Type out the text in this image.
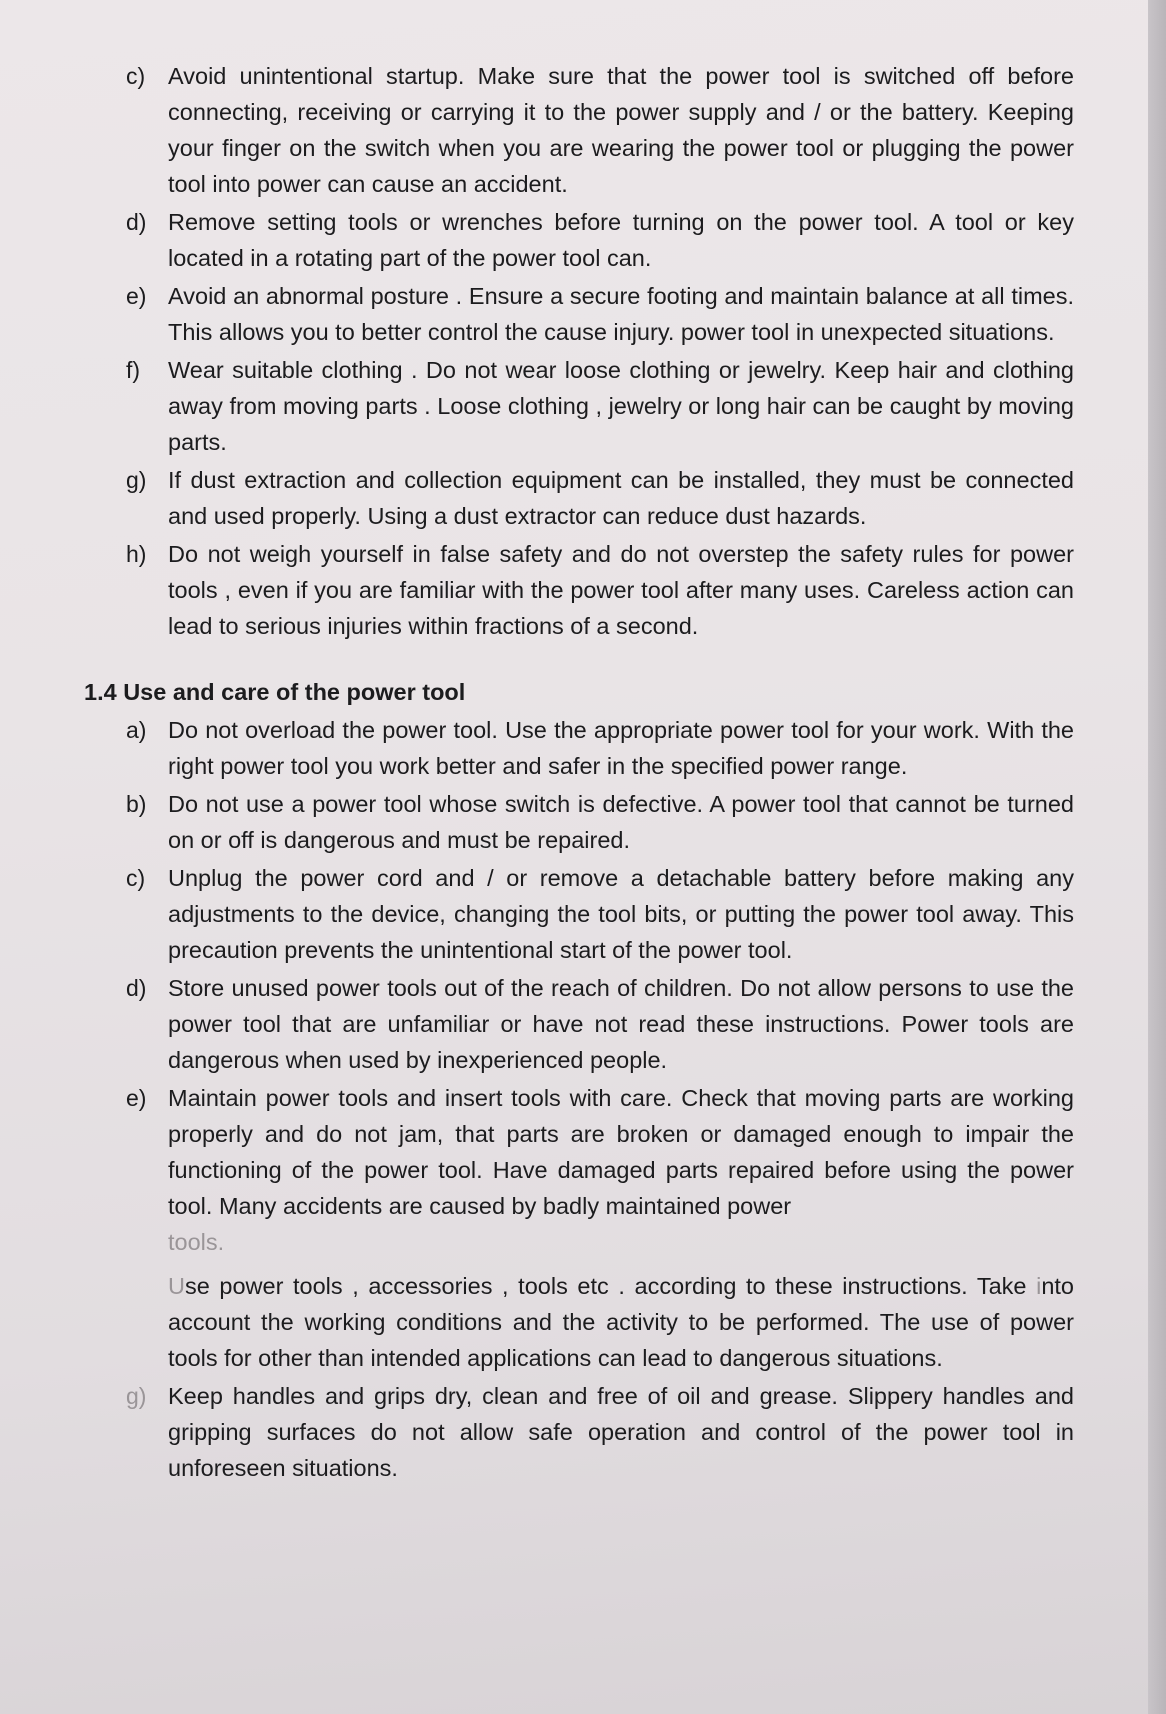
c) Avoid unintentional startup. Make sure that the power tool is switched off before connecting, receiving or carrying it to the power supply and / or the battery. Keeping your finger on the switch when you are wearing the power tool or plugging the power tool into power can cause an accident.

d) Remove setting tools or wrenches before turning on the power tool. A tool or key located in a rotating part of the power tool can.

e) Avoid an abnormal posture . Ensure a secure footing and maintain balance at all times. This allows you to better control the cause injury. power tool in unexpected situations.

f)	Wear suitable clothing . Do not wear loose clothing or jewelry. Keep hair and clothing away from moving parts . Loose clothing , jewelry or long hair can be caught by moving parts.

g) If dust extraction and collection equipment can be installed, they must be connected and used properly. Using a dust extractor can reduce dust hazards.

h) Do not weigh yourself in false safety and do not overstep the safety rules for power tools , even if you are familiar with the power tool after many uses. Careless action can lead to serious injuries within fractions of a second.

1.4 Use and care of the power tool
a) Do not overload the power tool. Use the appropriate power tool for your work. With the right power tool you work better and safer in the specified power range.

b) Do not use a power tool whose switch is defective. A power tool that cannot be turned on or off is dangerous and must be repaired.

c) Unplug the power cord and / or remove a detachable battery before making any adjustments to the device, changing the tool bits, or putting the power tool away. This precaution prevents the unintentional start of the power tool.

d) Store unused power tools out of the reach of children. Do not allow persons to use the power tool that are unfamiliar or have not read these instructions. Power tools are dangerous when used by inexperienced people.

e) Maintain power tools and insert tools with care. Check that moving parts are working properly and do not jam, that parts are broken or damaged enough to impair the functioning of the power tool. Have damaged parts repaired before using the power tool. Many accidents are caused by badly maintained power
tools.

Use power tools , accessories , tools etc . according to these instructions. Take into account the working conditions and the activity to be performed. The use of power tools for other than intended applications can lead to dangerous situations.

g) Keep handles and grips dry, clean and free of oil and grease. Slippery handles and gripping surfaces do not allow safe operation and control of the power tool in unforeseen situations.
